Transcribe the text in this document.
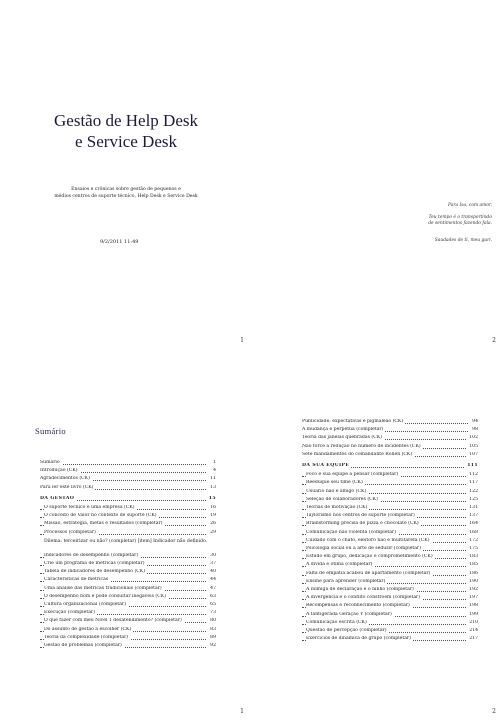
Gestão de Help Desk
e Service Desk
Ensaios e crônicas sobre gestão de pequenos e
médios centros de suporte técnico, Help Desk e Service Desk
9/2/2011 11:49
1
Para Isa, com amor.
Teu tempo é o transportindo
de sentimentos fazendo fala.
Saudades de ti, meu guri.
2
Sumário
Sumário	1
Introdução (CK)	4
Agradecimentos (CK)	11
Para ler este livro (CK)	13
DA GESTÃO	15
O suporte técnico é uma empresa (CK)	16
O conceito de Valor no contexto de suporte (CK)	19
Missão, estratégia, metas e resultados (completar)	26
Processos (completar)	29
Dilema: terceirizar ou não? (completar) [item] Indicador não definido.
Indicadores de desempenho (completar)	30
Crie um programa de métricas (completar)	37
Tabela de indicadores de desempenho (CK)	40
Características de métricas	44
Uma análise das métricas tradicionais (completar)	47
O desempenho bom e pode consultar inegáveis (CK)	63
Cultura organizacional (completar)	65
Execução (completar)	73
O que fazer com meu Nível 1 desatendimento? (completar)	80
Do assunto de gestão a escolher (CK)	83
Teoria da complexidade (completar)	89
Gestão de problemas (completar)	92
1
Publicidade, expectativas e pigmaleão (CK)	94
A mudança é perpétua (completar)	98
Teoria das janelas quebradas (CK)	102
Não force a redução no número de incidentes (CK)	105
Sete mandamentos do comandante Rollen (CK)	107
DA SUA EQUIPE	111
Foco e sua equipe a pensar (completar)	112
Reeduque seu time (CK)	117
Usuário não é amigo (CK)	122
Seleção de colaboradores (CK)	125
Teorias de motivação (CK)	131
Taylorismo nos centros de suporte (completar)	137
Brainstorming precisa de pizza e chocolate (CK)	164
Comunicação não violenta (completar)	168
Cuidado com o chato, eleitoro não é multitarefa (CK)	172
Psicologia social ou a arte de seduzir (completar)	175
Estudo em grupo, dedicação e comprometimento (CK)	183
A divida é ótima (completar)	185
Falta de empatia acabou de apartamento (completar)	186
Ensine para aprender (completar)	190
A inimiga de declaração e o ninho (completar)	192
A divergência e o conflito constroem (completar)	197
Recompensas e reconhecimento (completar)	198
A fantigerada Geração Y (completar)	199
Comunicação escrita (CK)	210
Questão de percepção (completar)	214
Exercícios de dinâmica de grupo (completar)	217
2
